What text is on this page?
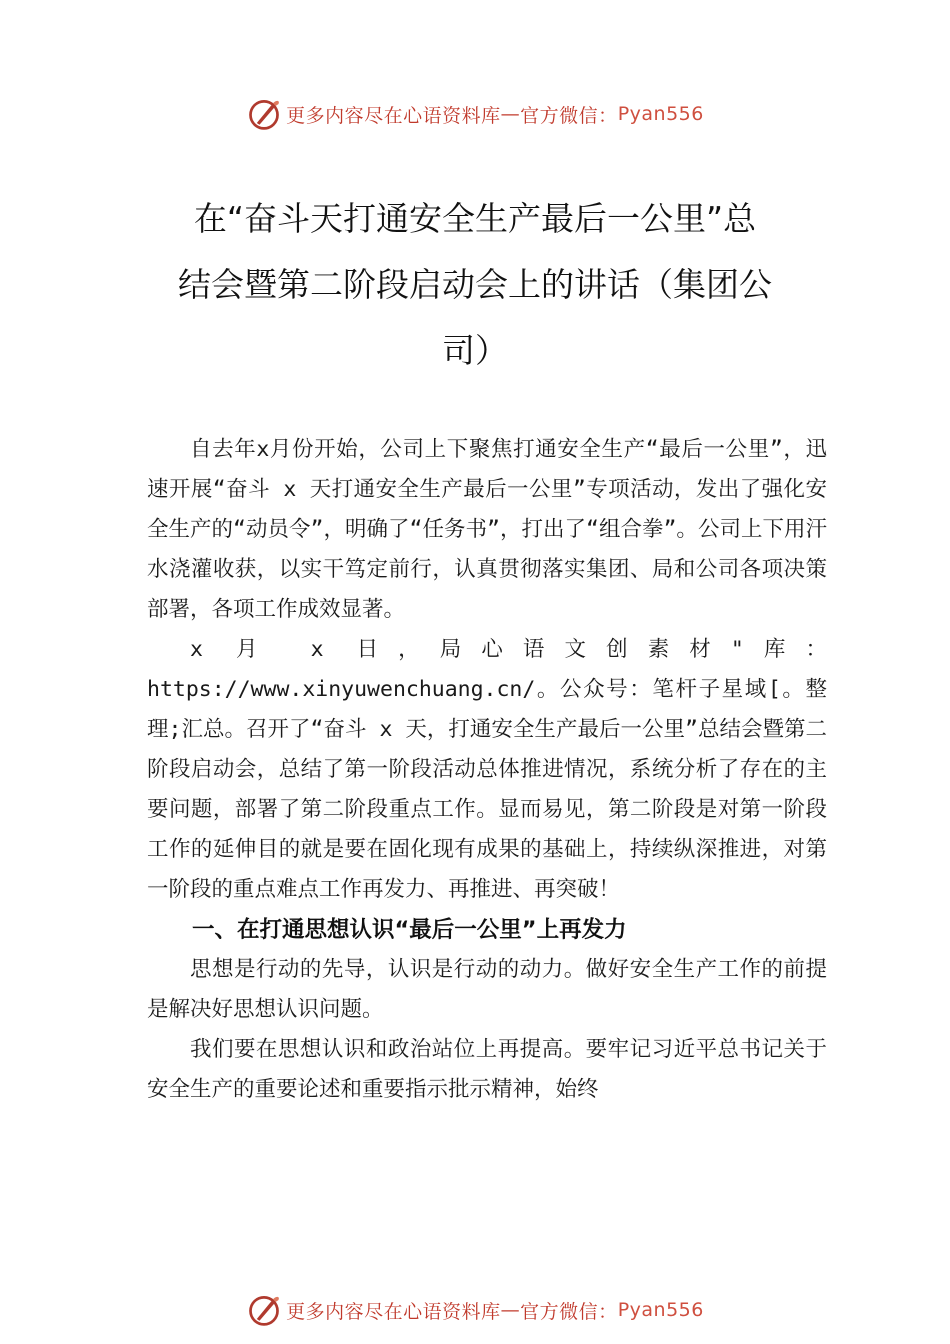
更多内容尽在心语资料库 — 官方微信： Pyan556
在“奋斗天打通安全生产最后一公里”总
结会暨第二阶段启动会上的讲话（集团公
司）

自去年x月份开始，公司上下聚焦打通安全生产“最后一公里”，迅速开展“奋斗 x 天打通安全生产最后一公里”专项活动，发出了强化安全生产的“动员令”，明确了“任务书”，打出了“组合拳”。公司上下用汗水浇灌收获，以实干笃定前行，认真贯彻落实集团、局和公司各项决策部署，各项工作成效显著。

x 月 x 日，局心语文创素材"库：

https://www.xinyuwenchuang.cn/。公众号：笔杆子星域[。整理;汇总。召开了“奋斗 x 天，打通安全生产最后一公里”总结会暨第二阶段启动会，总结了第一阶段活动总体推进情况，系统分析了存在的主要问题，部署了第二阶段重点工作。显而易见，第二阶段是对第一阶段工作的延伸目的就是要在固化现有成果的基础上，持续纵深推进，对第一阶段的重点难点工作再发力、再推进、再突破！

一、在打通思想认识“最后一公里”上再发力

思想是行动的先导，认识是行动的动力。做好安全生产工作的前提是解决好思想认识问题。

我们要在思想认识和政治站位上再提高。要牢记习近平总书记关于安全生产的重要论述和重要指示批示精神，始终

更多内容尽在心语资料库 — 官方微信： Pyan556
